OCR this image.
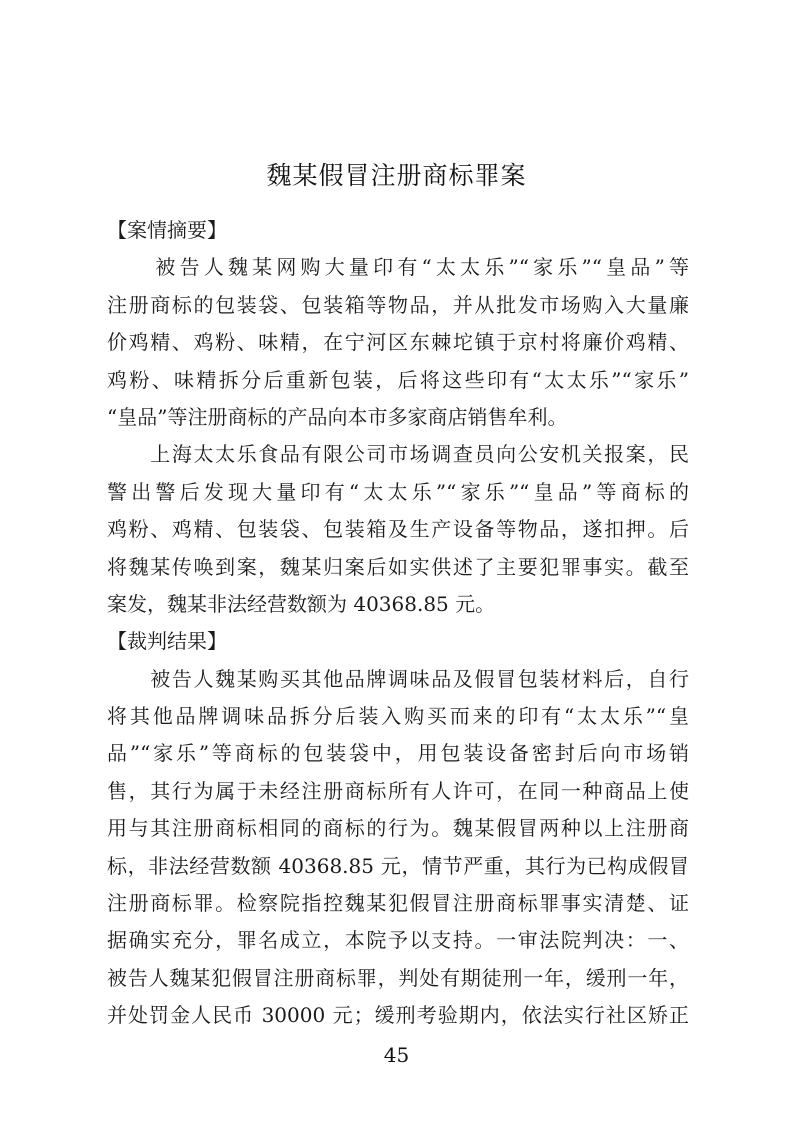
魏某假冒注册商标罪案
【案情摘要】
　　被告人魏某网购大量印有“太太乐”“家乐”“皇品”等
注册商标的包装袋、包装箱等物品，并从批发市场购入大量廉
价鸡精、鸡粉、味精，在宁河区东棘坨镇于京村将廉价鸡精、
鸡粉、味精拆分后重新包装，后将这些印有“太太乐”“家乐”
“皇品”等注册商标的产品向本市多家商店销售牟利。
　　上海太太乐食品有限公司市场调查员向公安机关报案，民
警出警后发现大量印有“太太乐”“家乐”“皇品”等商标的
鸡粉、鸡精、包装袋、包装箱及生产设备等物品，遂扣押。后
将魏某传唤到案，魏某归案后如实供述了主要犯罪事实。截至
案发，魏某非法经营数额为 40368.85 元。
【裁判结果】
　　被告人魏某购买其他品牌调味品及假冒包装材料后，自行
将其他品牌调味品拆分后装入购买而来的印有“太太乐”“皇
品”“家乐”等商标的包装袋中，用包装设备密封后向市场销
售，其行为属于未经注册商标所有人许可，在同一种商品上使
用与其注册商标相同的商标的行为。魏某假冒两种以上注册商
标，非法经营数额 40368.85 元，情节严重，其行为已构成假冒
注册商标罪。检察院指控魏某犯假冒注册商标罪事实清楚、证
据确实充分，罪名成立，本院予以支持。一审法院判决：一、
被告人魏某犯假冒注册商标罪，判处有期徒刑一年，缓刑一年，
并处罚金人民币 30000 元；缓刑考验期内，依法实行社区矫正
45
